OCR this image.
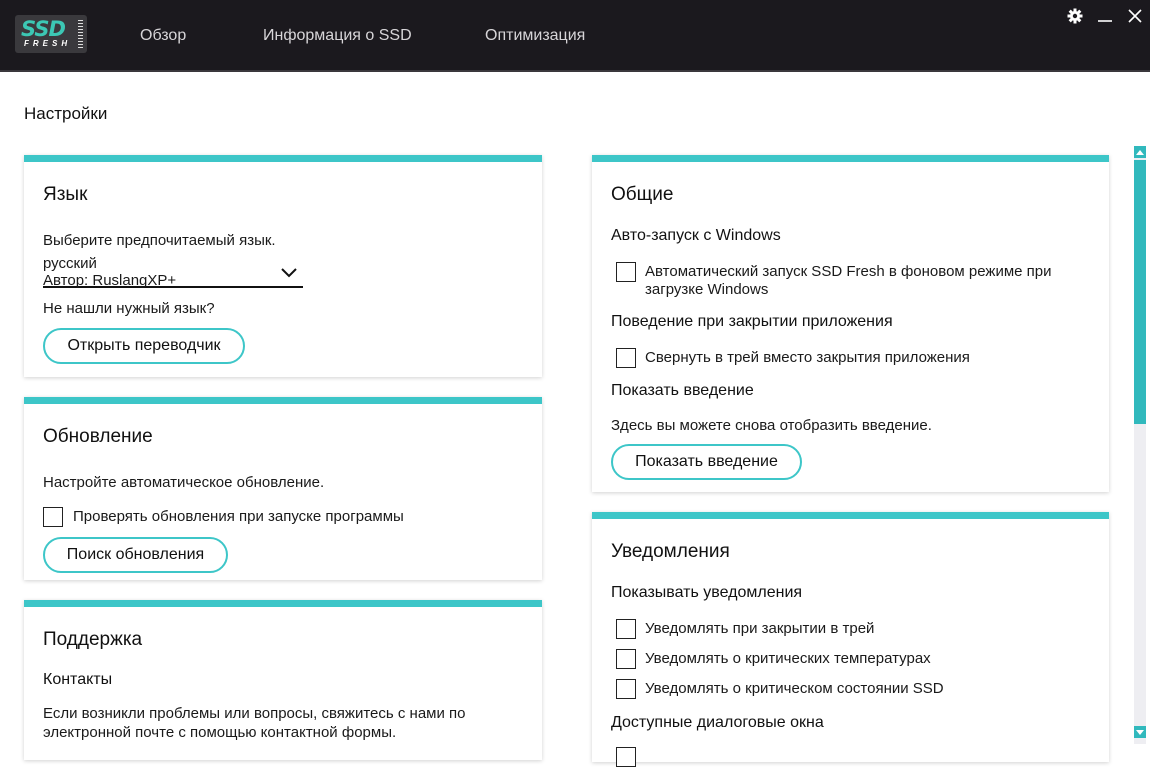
SSD
FRESH	Обзор	Информация о SSD	Оптимизация
Настройки
Язык
Выберите предпочитаемый язык.
русский
Автор: RuslangXP+
Не нашли нужный язык?
Открыть переводчик
Обновление
Настройте автоматическое обновление.
Проверять обновления при запуске программы
Поиск обновления
Поддержка
Контакты
Если возникли проблемы или вопросы, свяжитесь с нами по
электронной почте с помощью контактной формы.
Общие
Авто-запуск с Windows
Автоматический запуск SSD Fresh в фоновом режиме при
загрузке Windows
Поведение при закрытии приложения
Свернуть в трей вместо закрытия приложения
Показать введение
Здесь вы можете снова отобразить введение.
Показать введение
Уведомления
Показывать уведомления
Уведомлять при закрытии в трей
Уведомлять о критических температурах
Уведомлять о критическом состоянии SSD
Доступные диалоговые окна
